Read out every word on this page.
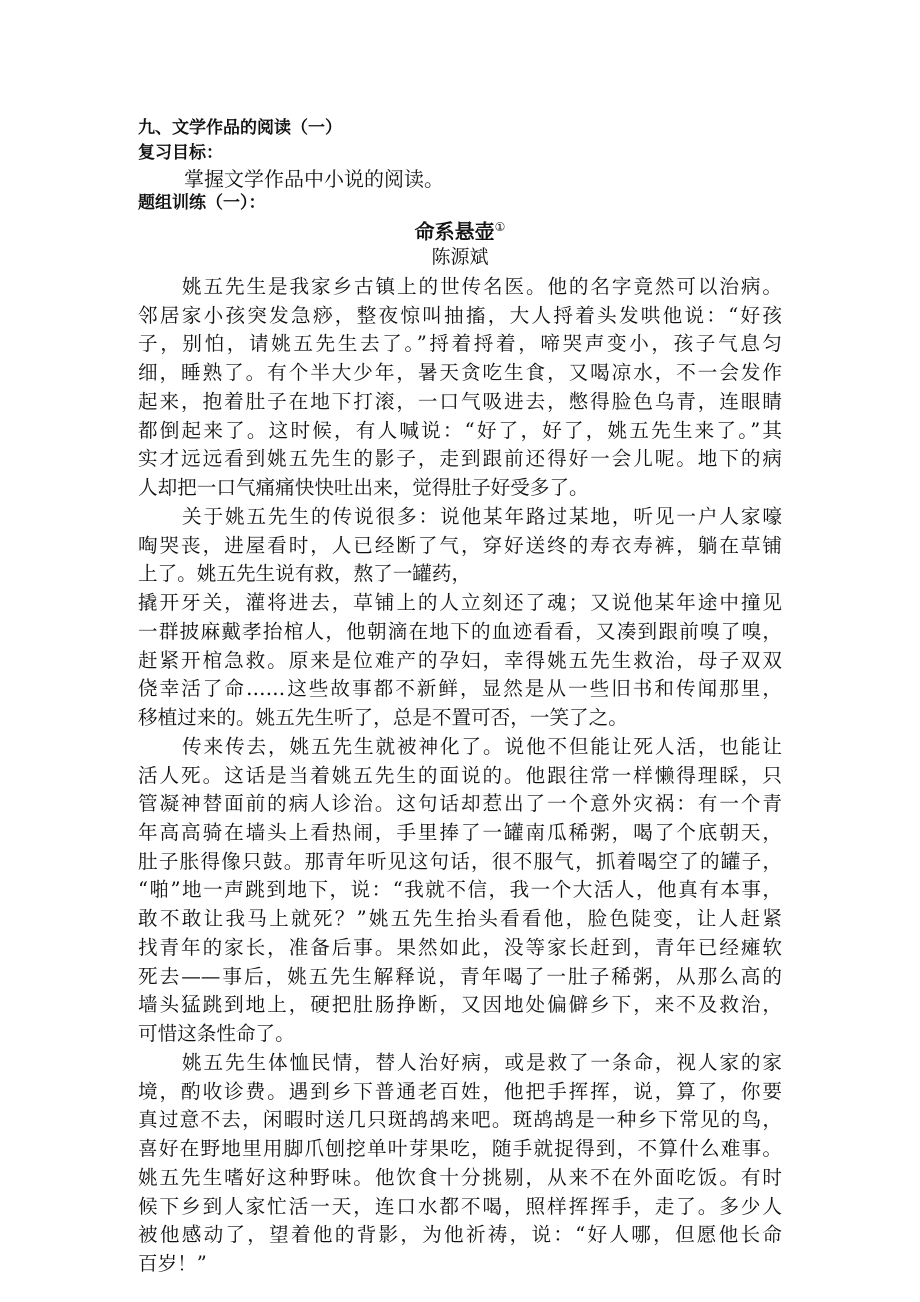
九、文学作品的阅读（一）
复习目标：
掌握文学作品中小说的阅读。
题组训练（一）：
命系悬壶①
陈源斌
姚五先生是我家乡古镇上的世传名医。他的名字竟然可以治病。
邻居家小孩突发急痧，整夜惊叫抽搐，大人捋着头发哄他说：“好孩
子，别怕，请姚五先生去了。”捋着捋着，啼哭声变小，孩子气息匀
细，睡熟了。有个半大少年，暑天贪吃生食，又喝凉水，不一会发作
起来，抱着肚子在地下打滚，一口气吸进去，憋得脸色乌青，连眼睛
都倒起来了。这时候，有人喊说：“好了，好了，姚五先生来了。”其
实才远远看到姚五先生的影子，走到跟前还得好一会儿呢。地下的病
人却把一口气痛痛快快吐出来，觉得肚子好受多了。
关于姚五先生的传说很多：说他某年路过某地，听见一户人家嚎
啕哭丧，进屋看时，人已经断了气，穿好送终的寿衣寿裤，躺在草铺
上了。姚五先生说有救，熬了一罐药，
撬开牙关，灌将进去，草铺上的人立刻还了魂；又说他某年途中撞见
一群披麻戴孝抬棺人，他朝滴在地下的血迹看看，又凑到跟前嗅了嗅，
赶紧开棺急救。原来是位难产的孕妇，幸得姚五先生救治，母子双双
侥幸活了命……这些故事都不新鲜，显然是从一些旧书和传闻那里，
移植过来的。姚五先生听了，总是不置可否，一笑了之。
传来传去，姚五先生就被神化了。说他不但能让死人活，也能让
活人死。这话是当着姚五先生的面说的。他跟往常一样懒得理睬，只
管凝神替面前的病人诊治。这句话却惹出了一个意外灾祸：有一个青
年高高骑在墙头上看热闹，手里捧了一罐南瓜稀粥，喝了个底朝天，
肚子胀得像只鼓。那青年听见这句话，很不服气，抓着喝空了的罐子，
“啪”地一声跳到地下，说：“我就不信，我一个大活人，他真有本事，
敢不敢让我马上就死？”姚五先生抬头看看他，脸色陡变，让人赶紧
找青年的家长，准备后事。果然如此，没等家长赶到，青年已经瘫软
死去——事后，姚五先生解释说，青年喝了一肚子稀粥，从那么高的
墙头猛跳到地上，硬把肚肠挣断，又因地处偏僻乡下，来不及救治，
可惜这条性命了。
姚五先生体恤民情，替人治好病，或是救了一条命，视人家的家
境，酌收诊费。遇到乡下普通老百姓，他把手挥挥，说，算了，你要
真过意不去，闲暇时送几只斑鸪鸪来吧。斑鸪鸪是一种乡下常见的鸟，
喜好在野地里用脚爪刨挖单叶芽果吃，随手就捉得到，不算什么难事。
姚五先生嗜好这种野味。他饮食十分挑剔，从来不在外面吃饭。有时
候下乡到人家忙活一天，连口水都不喝，照样挥挥手，走了。多少人
被他感动了，望着他的背影，为他祈祷，说：“好人哪，但愿他长命
百岁！”
